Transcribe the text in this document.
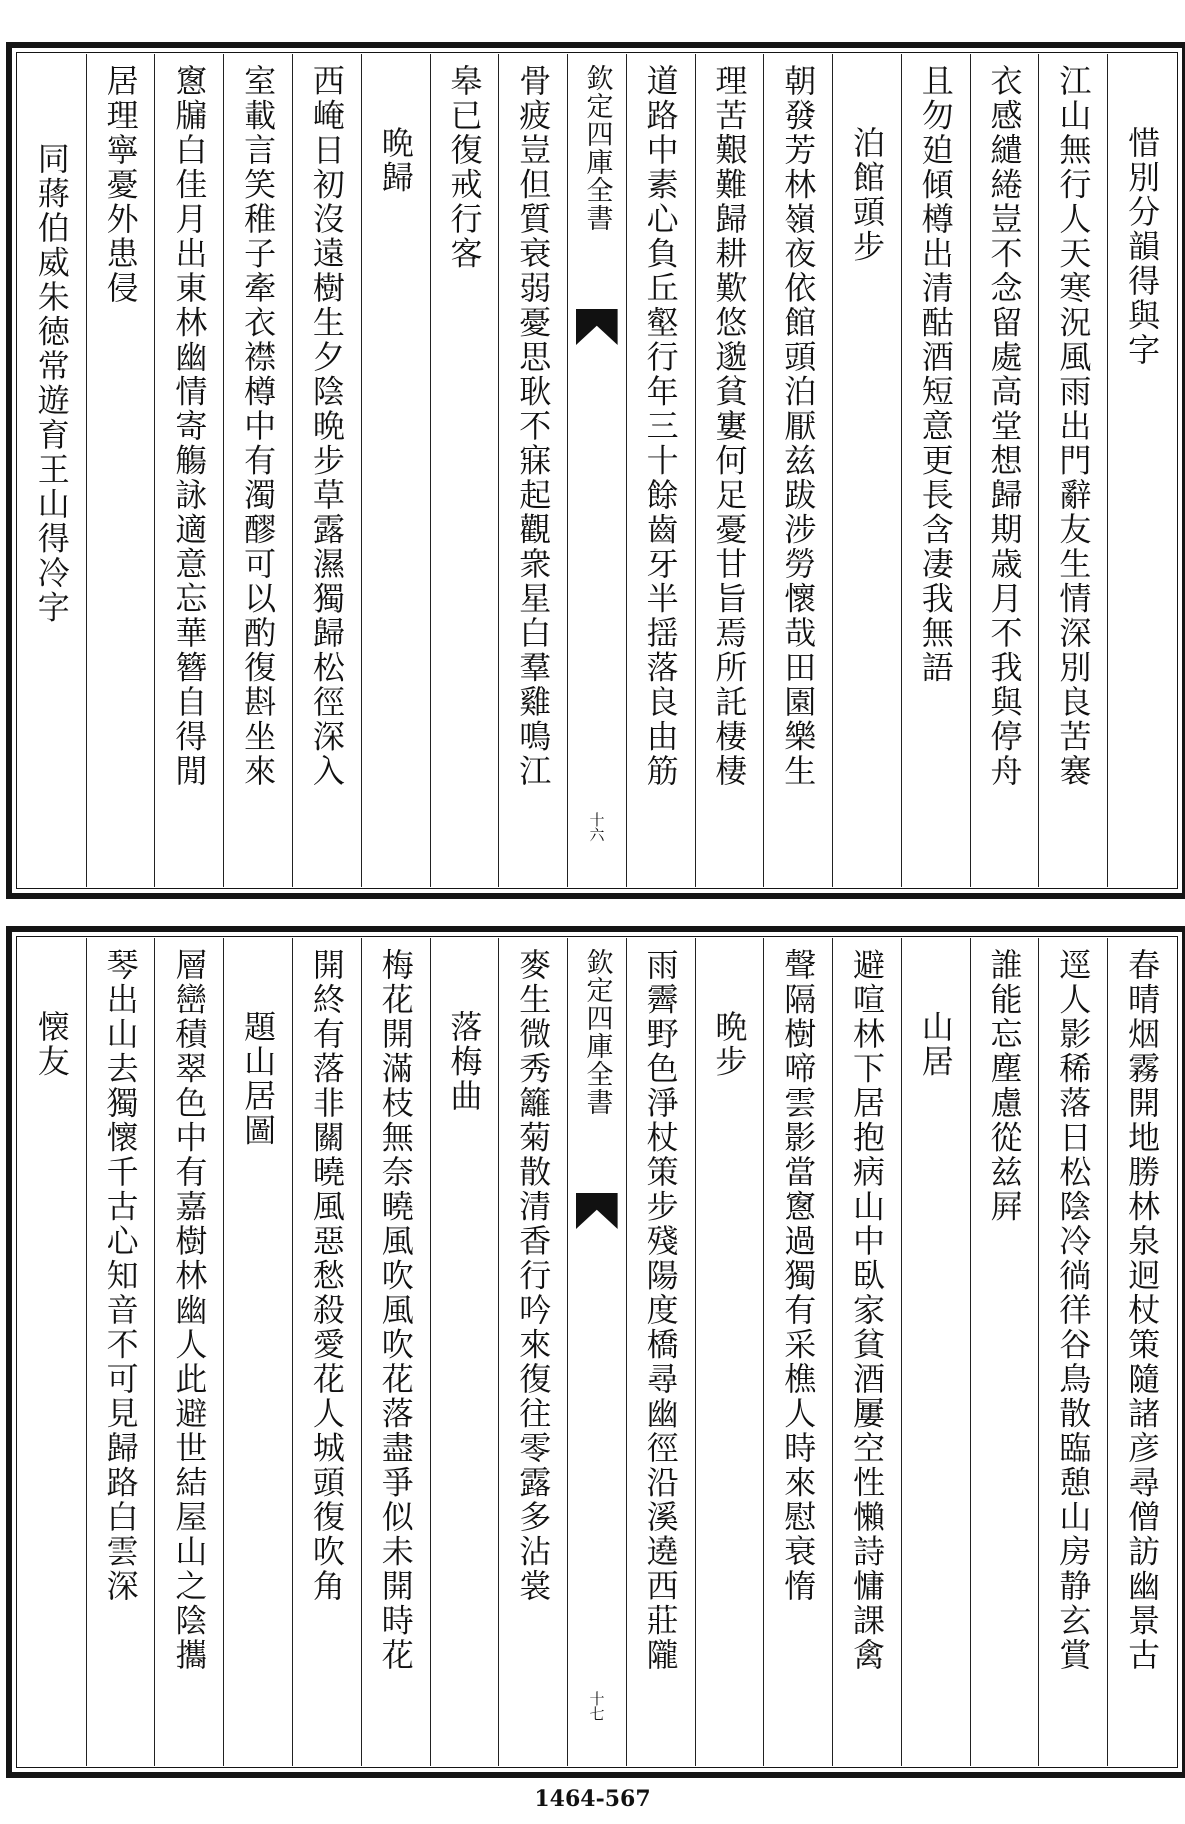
惜別分韻得與字
江山無行人天寒況風雨出門辭友生情深別良苦褰
衣感繾綣豈不念留處高堂想歸期歳月不我與停舟
且勿廹傾樽出清酤酒短意更長含凄我無語
泊館頭步
朝發芳林嶺夜依館頭泊厭兹跋涉勞懷哉田園樂生
理苦艱難歸耕歎悠邈貧寠何足憂甘旨焉所託棲棲
道路中素心負丘壑行年三十餘齒牙半揺落良由筋
欽定四庫全書
十六
骨疲豈但質衰弱憂思耿不寐起觀衆星白羣雞鳴江
皋已復戒行客
晩歸
西崦日初沒遠樹生夕陰晩步草露濕獨歸松徑深入
室載言笑稚子牽衣襟樽中有濁醪可以酌復斟坐來
窻牖白佳月出東林幽情寄觴詠適意忘華簪自得閒
居理寧憂外患侵
同蔣伯威朱徳常遊育王山得冷字
春晴烟霧開地勝林泉迥杖策隨諸彦尋僧訪幽景古
逕人影稀落日松陰冷徜徉谷鳥散臨憩山房静玄賞
誰能忘塵慮從兹屛
山居
避喧林下居抱病山中臥家貧酒屢空性懶詩慵課禽
聲隔樹啼雲影當窻過獨有采樵人時來慰衰惰
晩步
雨霽野色淨杖策步殘陽度橋尋幽徑沿溪遶西莊隴
欽定四庫全書
十七
麥生微秀籬菊散清香行吟來復往零露多沾裳
落梅曲
梅花開滿枝無奈曉風吹風吹花落盡爭似未開時花
開終有落非關曉風惡愁殺愛花人城頭復吹角
題山居圖
層巒積翠色中有嘉樹林幽人此避世結屋山之陰攜
琴出山去獨懷千古心知音不可見歸路白雲深
懐友
1464-567
